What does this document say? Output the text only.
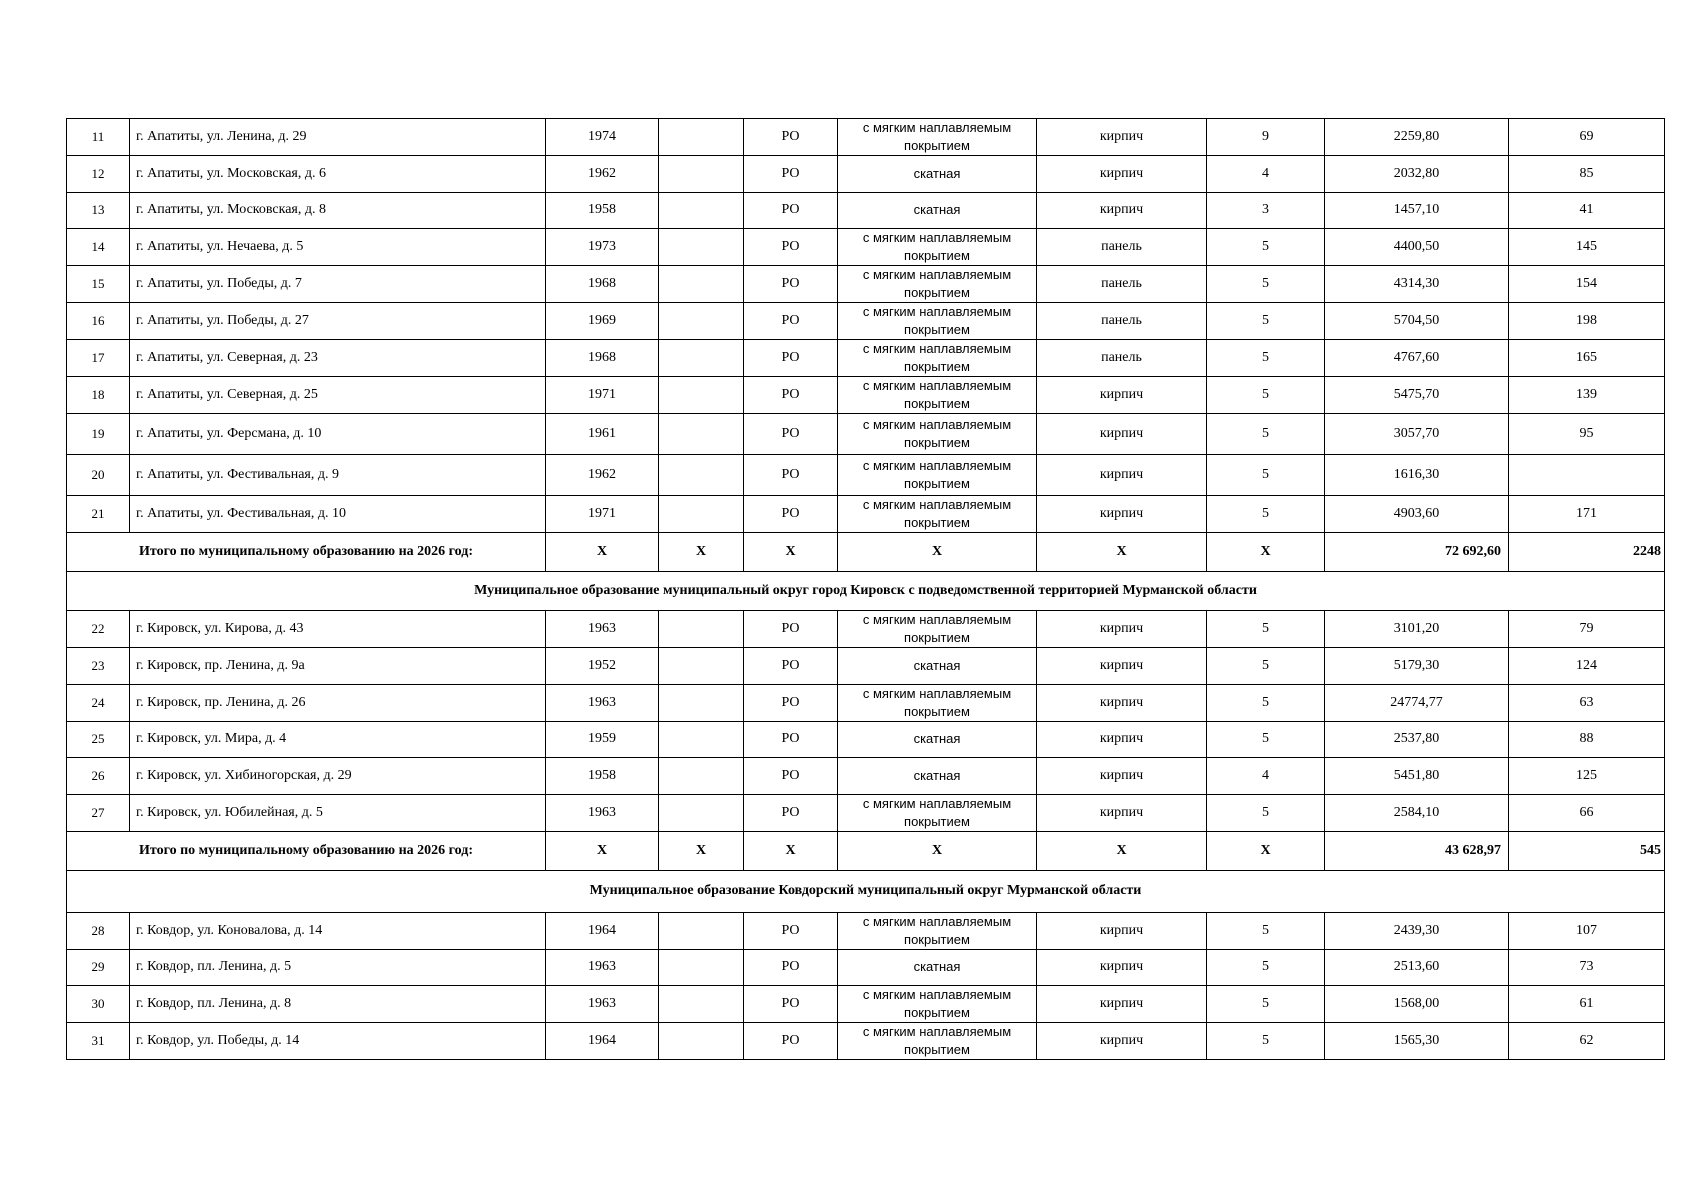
11	г. Апатиты, ул. Ленина, д. 29	1974		РО	с мягким наплавляемым покрытием	кирпич	9	2259,80	69
12	г. Апатиты, ул. Московская, д. 6	1962		РО	скатная	кирпич	4	2032,80	85
13	г. Апатиты, ул. Московская, д. 8	1958		РО	скатная	кирпич	3	1457,10	41
14	г. Апатиты, ул. Нечаева, д. 5	1973		РО	с мягким наплавляемым покрытием	панель	5	4400,50	145
15	г. Апатиты, ул. Победы, д. 7	1968		РО	с мягким наплавляемым покрытием	панель	5	4314,30	154
16	г. Апатиты, ул. Победы, д. 27	1969		РО	с мягким наплавляемым покрытием	панель	5	5704,50	198
17	г. Апатиты, ул. Северная, д. 23	1968		РО	с мягким наплавляемым покрытием	панель	5	4767,60	165
18	г. Апатиты, ул. Северная, д. 25	1971		РО	с мягким наплавляемым покрытием	кирпич	5	5475,70	139
19	г. Апатиты, ул. Ферсмана, д. 10	1961		РО	с мягким наплавляемым покрытием	кирпич	5	3057,70	95
20	г. Апатиты, ул. Фестивальная, д. 9	1962		РО	с мягким наплавляемым покрытием	кирпич	5	1616,30	
21	г. Апатиты, ул. Фестивальная, д. 10	1971		РО	с мягким наплавляемым покрытием	кирпич	5	4903,60	171
Итого по муниципальному образованию на 2026 год:		X	X	X	X	X	X	72 692,60	2248
Муниципальное образование муниципальный округ город Кировск с подведомственной территорией Мурманской области									
22	г. Кировск, ул. Кирова, д. 43	1963		РО	с мягким наплавляемым покрытием	кирпич	5	3101,20	79
23	г. Кировск, пр. Ленина, д. 9а	1952		РО	скатная	кирпич	5	5179,30	124
24	г. Кировск, пр. Ленина, д. 26	1963		РО	с мягким наплавляемым покрытием	кирпич	5	24774,77	63
25	г. Кировск, ул. Мира, д. 4	1959		РО	скатная	кирпич	5	2537,80	88
26	г. Кировск, ул. Хибиногорская, д. 29	1958		РО	скатная	кирпич	4	5451,80	125
27	г. Кировск, ул. Юбилейная, д. 5	1963		РО	с мягким наплавляемым покрытием	кирпич	5	2584,10	66
Итого по муниципальному образованию на 2026 год:		X	X	X	X	X	X	43 628,97	545
Муниципальное образование Ковдорский муниципальный округ Мурманской области									
28	г. Ковдор, ул. Коновалова, д. 14	1964		РО	с мягким наплавляемым покрытием	кирпич	5	2439,30	107
29	г. Ковдор, пл. Ленина, д. 5	1963		РО	скатная	кирпич	5	2513,60	73
30	г. Ковдор, пл. Ленина, д. 8	1963		РО	с мягким наплавляемым покрытием	кирпич	5	1568,00	61
31	г. Ковдор, ул. Победы, д. 14	1964		РО	с мягким наплавляемым покрытием	кирпич	5	1565,30	62
